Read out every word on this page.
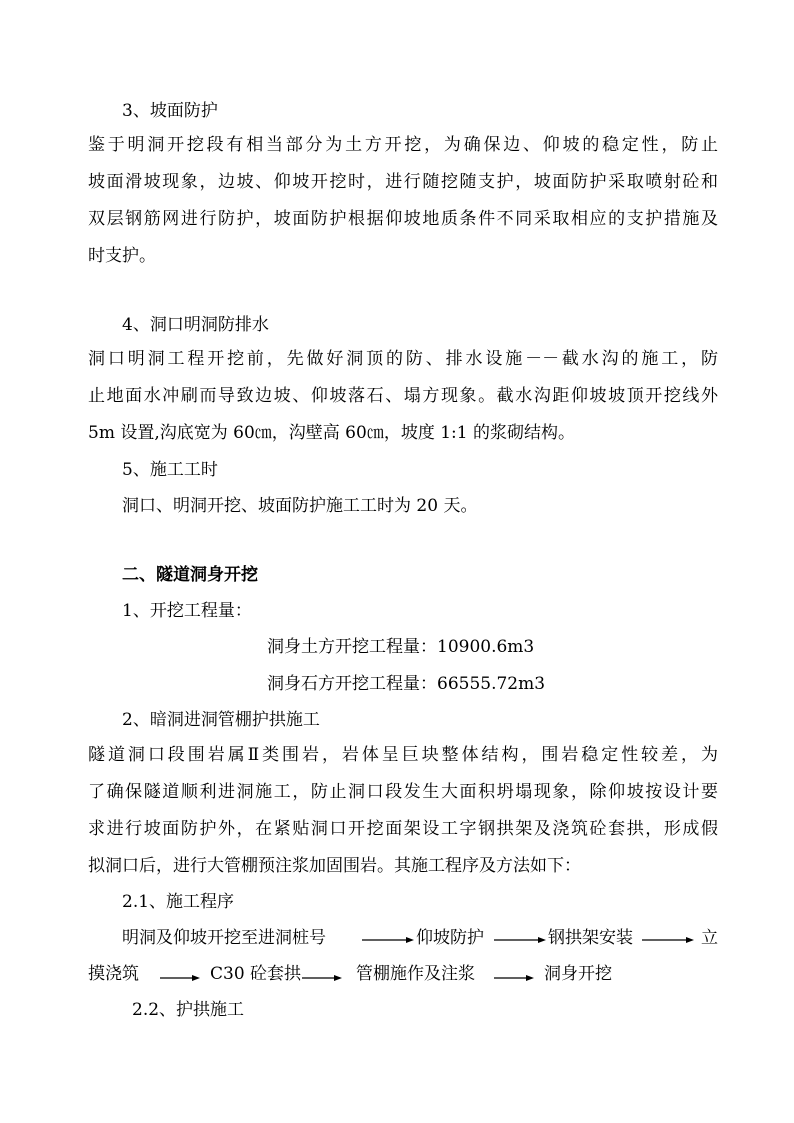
3、坡面防护
鉴于明洞开挖段有相当部分为土方开挖，为确保边、仰坡的稳定性，防止
坡面滑坡现象，边坡、仰坡开挖时，进行随挖随支护，坡面防护采取喷射砼和
双层钢筋网进行防护，坡面防护根据仰坡地质条件不同采取相应的支护措施及
时支护。
4、洞口明洞防排水
洞口明洞工程开挖前，先做好洞顶的防、排水设施－－截水沟的施工，防
止地面水冲刷而导致边坡、仰坡落石、塌方现象。截水沟距仰坡坡顶开挖线外
5m 设置,沟底宽为 60㎝，沟壁高 60㎝，坡度 1:1 的浆砌结构。
5、施工工时
洞口、明洞开挖、坡面防护施工工时为 20 天。
二、隧道洞身开挖
1、开挖工程量：
洞身土方开挖工程量：10900.6m3
洞身石方开挖工程量：66555.72m3
2、暗洞进洞管棚护拱施工
隧道洞口段围岩属Ⅱ类围岩，岩体呈巨块整体结构，围岩稳定性较差，为
了确保隧道顺利进洞施工，防止洞口段发生大面积坍塌现象，除仰坡按设计要
求进行坡面防护外，在紧贴洞口开挖面架设工字钢拱架及浇筑砼套拱，形成假
拟洞口后，进行大管棚预注浆加固围岩。其施工程序及方法如下：
2.1、施工程序
明洞及仰坡开挖至进洞桩号	仰坡防护	钢拱架安装	立
摸浇筑	C30 砼套拱	管棚施作及注浆	洞身开挖
2.2、护拱施工
